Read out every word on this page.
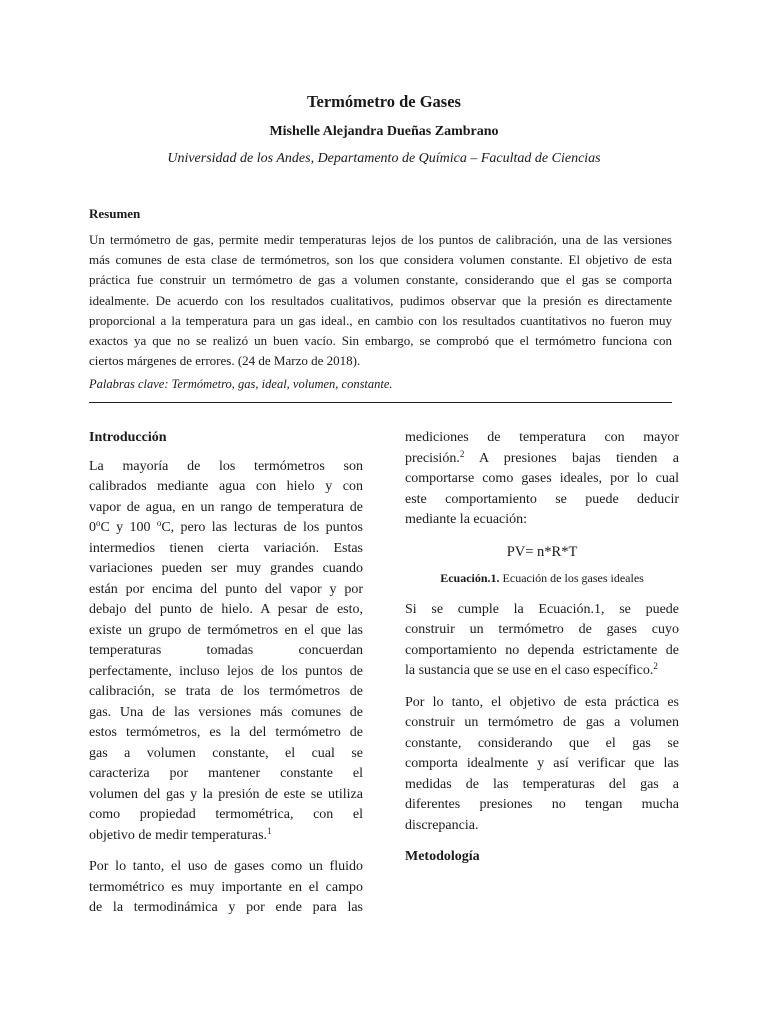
Termómetro de Gases
Mishelle Alejandra Dueñas Zambrano
Universidad de los Andes, Departamento de Química – Facultad de Ciencias
Resumen
Un termómetro de gas, permite medir temperaturas lejos de los puntos de calibración, una de las versiones
más comunes de esta clase de termómetros, son los que considera volumen constante. El objetivo de esta
práctica fue construir un termómetro de gas a volumen constante, considerando que el gas se comporta
idealmente. De acuerdo con los resultados cualitativos, pudimos observar que la presión es directamente
proporcional a la temperatura para un gas ideal., en cambio con los resultados cuantitativos no fueron muy
exactos ya que no se realizó un buen vacío. Sin embargo, se comprobó que el termómetro funciona con
ciertos márgenes de errores. (24 de Marzo de 2018).
Palabras clave: Termómetro, gas, ideal, volumen, constante.
Introducción
La mayoría de los termómetros son
calibrados mediante agua con hielo y con
vapor de agua, en un rango de temperatura de
0$^o$C y 100 $^o$C, pero las lecturas de los puntos
intermedios tienen cierta variación. Estas
variaciones pueden ser muy grandes cuando
están por encima del punto del vapor y por
debajo del punto de hielo. A pesar de esto,
existe un grupo de termómetros en el que las
temperaturas tomadas concuerdan
perfectamente, incluso lejos de los puntos de
calibración, se trata de los termómetros de
gas. Una de las versiones más comunes de
estos termómetros, es la del termómetro de
gas a volumen constante, el cual se
caracteriza por mantener constante el
volumen del gas y la presión de este se utiliza
como propiedad termométrica, con el
objetivo de medir temperaturas.$^1$
Por lo tanto, el uso de gases como un fluido
termométrico es muy importante en el campo
de la termodinámica y por ende para las
mediciones de temperatura con mayor
precisión.$^2$ A presiones bajas tienden a
comportarse como gases ideales, por lo cual
este comportamiento se puede deducir
mediante la ecuación:
PV= n*R*T
Ecuación.1. Ecuación de los gases ideales
Si se cumple la Ecuación.1, se puede
construir un termómetro de gases cuyo
comportamiento no dependa estrictamente de
la sustancia que se use en el caso específico.$^2$
Por lo tanto, el objetivo de esta práctica es
construir un termómetro de gas a volumen
constante, considerando que el gas se
comporta idealmente y así verificar que las
medidas de las temperaturas del gas a
diferentes presiones no tengan mucha
discrepancia.
Metodología
